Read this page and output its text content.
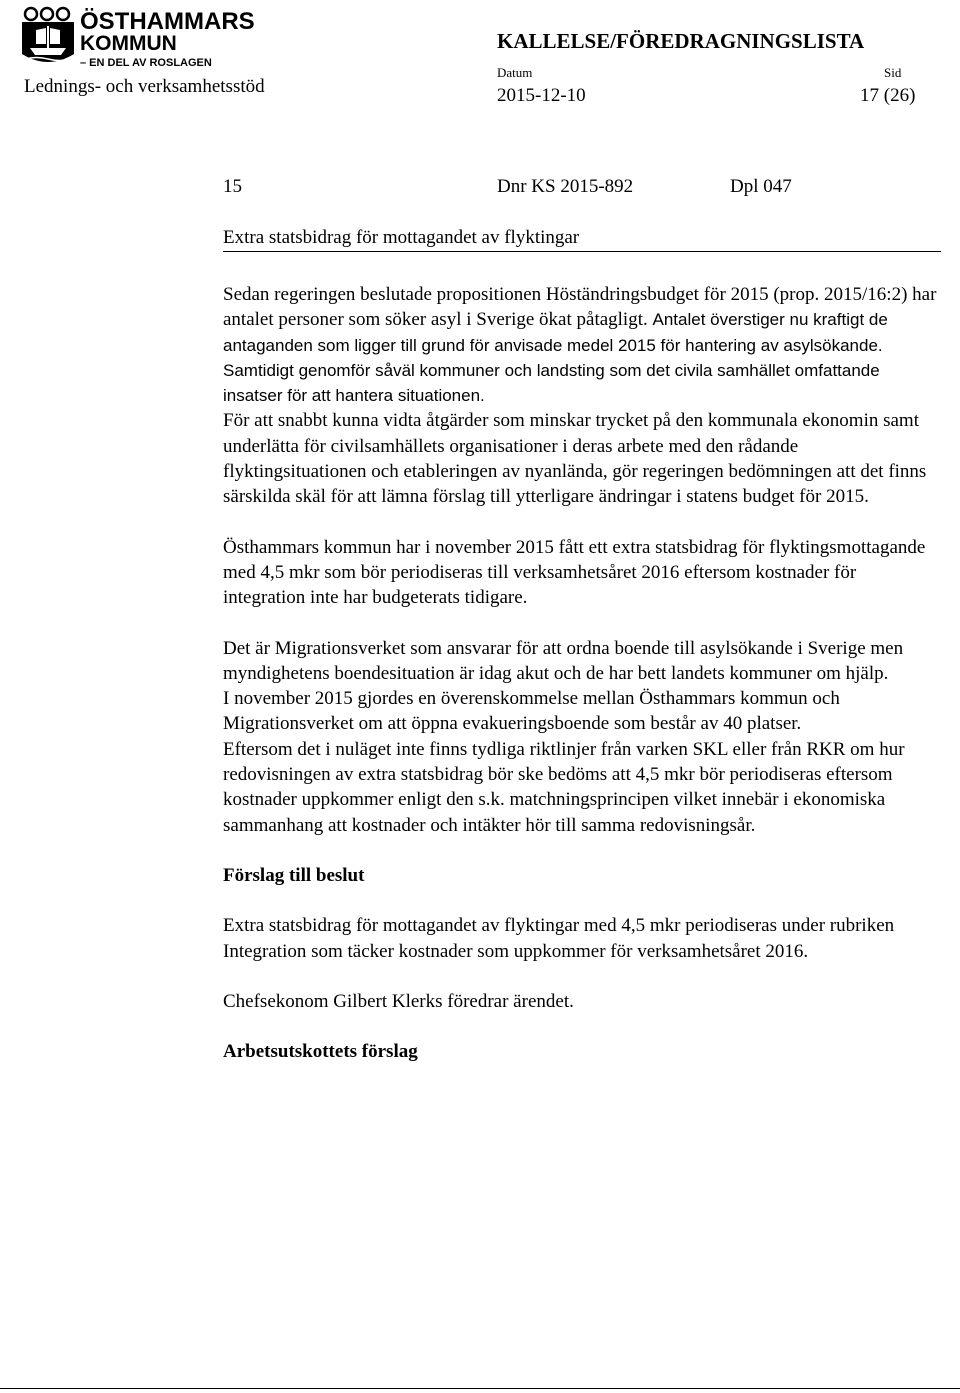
ÖSTHAMMARS
KOMMUN
– EN DEL AV ROSLAGEN
Lednings- och verksamhetsstöd
KALLELSE/FÖREDRAGNINGSLISTA
Datum
2015-12-10
Sid
17 (26)
15	Dnr KS 2015-892	Dpl 047
Extra statsbidrag för mottagandet av flyktingar

Sedan regeringen beslutade propositionen Höständringsbudget för 2015 (prop. 2015/16:2) har antalet personer som söker asyl i Sverige ökat påtagligt. Antalet överstiger nu kraftigt de antaganden som ligger till grund för anvisade medel 2015 för hantering av asylsökande. Samtidigt genomför såväl kommuner och landsting som det civila samhället omfattande insatser för att hantera situationen.

För att snabbt kunna vidta åtgärder som minskar trycket på den kommunala ekonomin samt underlätta för civilsamhällets organisationer i deras arbete med den rådande flyktingsituationen och etableringen av nyanlända, gör regeringen bedömningen att det finns särskilda skäl för att lämna förslag till ytterligare ändringar i statens budget för 2015.

Östhammars kommun har i november 2015 fått ett extra statsbidrag för flyktingsmottagande med 4,5 mkr som bör periodiseras till verksamhetsåret 2016 eftersom kostnader för integration inte har budgeterats tidigare.

Det är Migrationsverket som ansvarar för att ordna boende till asylsökande i Sverige men myndighetens boendesituation är idag akut och de har bett landets kommuner om hjälp.

I november 2015 gjordes en överenskommelse mellan Östhammars kommun och Migrationsverket om att öppna evakueringsboende som består av 40 platser.

Eftersom det i nuläget inte finns tydliga riktlinjer från varken SKL eller från RKR om hur redovisningen av extra statsbidrag bör ske bedöms att 4,5 mkr bör periodiseras eftersom kostnader uppkommer enligt den s.k. matchningsprincipen vilket innebär i ekonomiska sammanhang att kostnader och intäkter hör till samma redovisningsår.

Förslag till beslut

Extra statsbidrag för mottagandet av flyktingar med 4,5 mkr periodiseras under rubriken Integration som täcker kostnader som uppkommer för verksamhetsåret 2016.

Chefsekonom Gilbert Klerks föredrar ärendet.

Arbetsutskottets förslag
